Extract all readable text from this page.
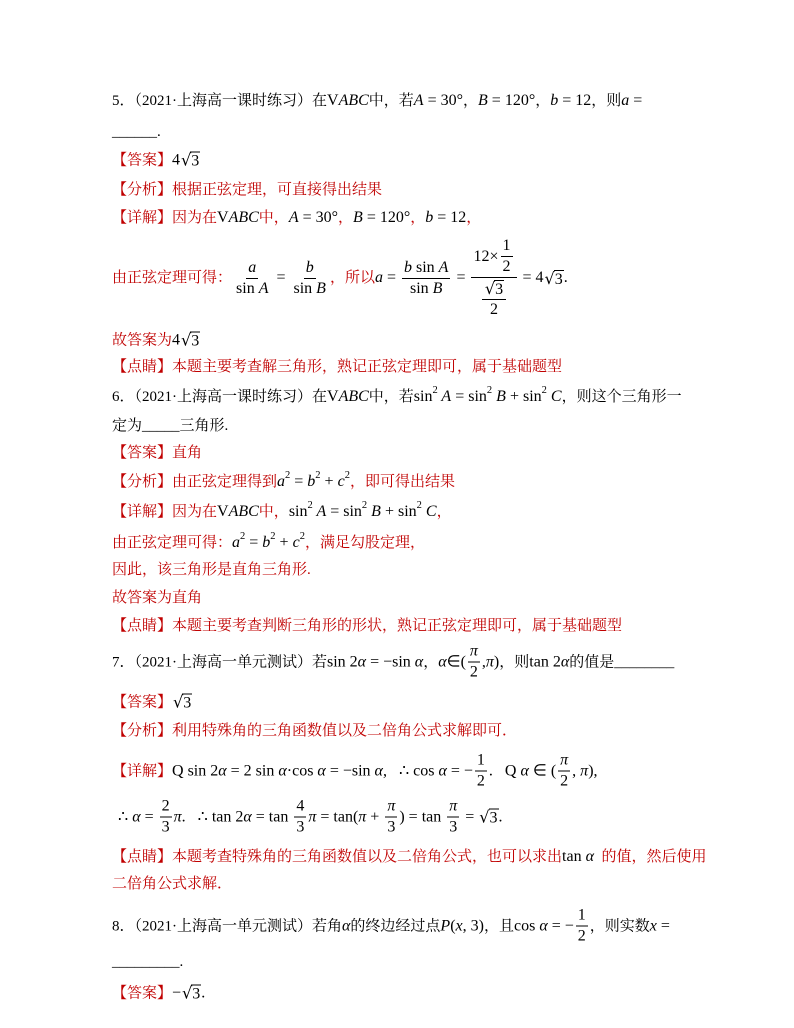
5．（2021·上海高一课时练习）在 V ABC 中，若 A = 30° ， B = 120° ， b = 12 ，则 a =
______.
【答案】 4 √ 3
【分析】根据正弦定理，可直接得出结果
【详解】因为在 V ABC 中， A = 30° ， B = 120° ， b = 12 ，
由正弦定理可得： $\frac{a}{\text{sin A}} = \frac{b}{\text{sin B}}$ ，所以 $a = \frac{\text{b sin A}}{\text{sin B}} = \frac{12\times \frac{1}{2}}{\frac{√ 3}{2}} = 4$ √ 3 .
故答案为 4 √ 3
【点睛】本题主要考查解三角形，熟记正弦定理即可，属于基础题型
6．（2021·上海高一课时练习）在 V ABC 中，若 sin 2 A = sin 2 B + sin 2 C ，则这个三角形一
定为_____三角形.
【答案】直角
【分析】由正弦定理得到 a 2 = b 2 + c 2 ，即可得出结果
【详解】因为在 V ABC 中， sin 2 A = sin 2 B + sin 2 C ，
由正弦定理可得： a 2 = b 2 + c 2 ，满足勾股定理，
因此，该三角形是直角三角形.
故答案为直角
【点睛】本题主要考查判断三角形的形状，熟记正弦定理即可，属于基础题型
7．（2021·上海高一单元测试）若 sin 2 α = −sin α ， α ∈( $\frac{\pi}{2}$ , π ) ，则 tan 2 α 的值是________
【答案】 √ 3
【分析】利用特殊角的三角函数值以及二倍角公式求解即可．
【详解】 Q sin 2 α = 2 sin α ·cos α = −sin α ,   ∴ cos α = − $\frac{1}{2}$ .   Q α ∈ ( $\frac{\pi}{2}$ , π ),
∴ $\alpha = \frac{2}{3}$ π .   ∴ tan 2 $\alpha = \tan \frac{4}{3}$ π = tan( $\pi + \frac{\pi}{3}$ ) = $\tan \frac{\pi}{3}$ = √ 3 .
【点睛】本题考查特殊角的三角函数值以及二倍角公式，也可以求出 tan α 的值，然后使用
二倍角公式求解．
8．（2021·上海高一单元测试）若角 α 的终边经过点 P ( x , 3) ，且 cos α = − $\frac{1}{2}$ ，则实数 x =
_________.
【答案】 − √ 3 .
